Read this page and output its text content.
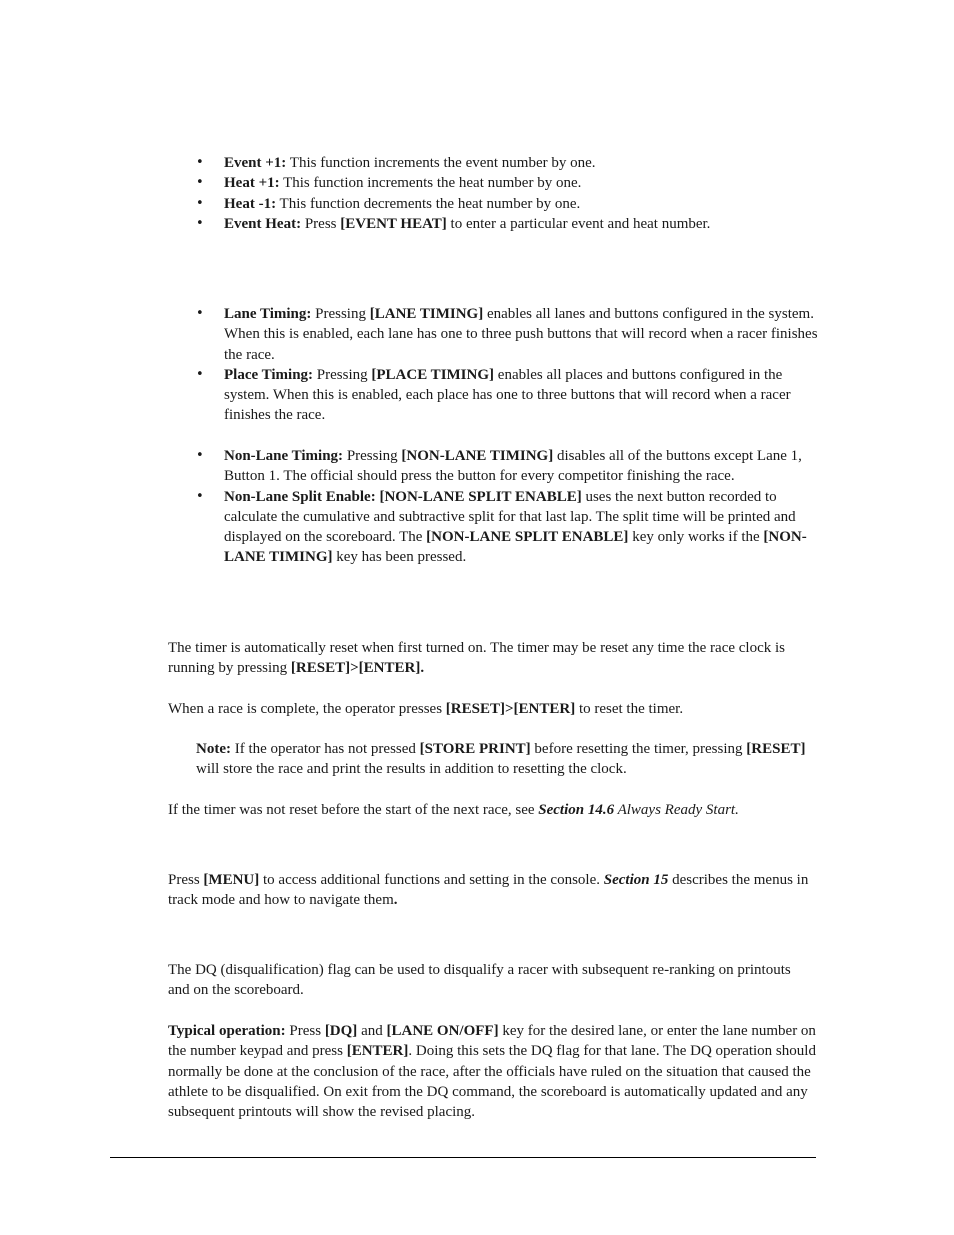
• Event +1: This function increments the event number by one.
• Heat +1: This function increments the heat number by one.
• Heat -1: This function decrements the heat number by one.
• Event Heat: Press [EVENT HEAT] to enter a particular event and heat number.
• Lane Timing: Pressing [LANE TIMING] enables all lanes and buttons configured in the system. When this is enabled, each lane has one to three push buttons that will record when a racer finishes the race.
• Place Timing: Pressing [PLACE TIMING] enables all places and buttons configured in the system. When this is enabled, each place has one to three buttons that will record when a racer finishes the race.
• Non-Lane Timing: Pressing [NON-LANE TIMING] disables all of the buttons except Lane 1, Button 1. The official should press the button for every competitor finishing the race.
• Non-Lane Split Enable: [NON-LANE SPLIT ENABLE] uses the next button recorded to calculate the cumulative and subtractive split for that last lap. The split time will be printed and displayed on the scoreboard. The [NON-LANE SPLIT ENABLE] key only works if the [NON-LANE TIMING] key has been pressed.

The timer is automatically reset when first turned on. The timer may be reset any time the race clock is running by pressing [RESET]>[ENTER].

When a race is complete, the operator presses [RESET]>[ENTER] to reset the timer.

Note: If the operator has not pressed [STORE PRINT] before resetting the timer, pressing [RESET] will store the race and print the results in addition to resetting the clock.

If the timer was not reset before the start of the next race, see Section 14.6 Always Ready Start.

Press [MENU] to access additional functions and setting in the console. Section 15 describes the menus in track mode and how to navigate them.

The DQ (disqualification) flag can be used to disqualify a racer with subsequent re-ranking on printouts and on the scoreboard.

Typical operation: Press [DQ] and [LANE ON/OFF] key for the desired lane, or enter the lane number on the number keypad and press [ENTER]. Doing this sets the DQ flag for that lane. The DQ operation should normally be done at the conclusion of the race, after the officials have ruled on the situation that caused the athlete to be disqualified. On exit from the DQ command, the scoreboard is automatically updated and any subsequent printouts will show the revised placing.
